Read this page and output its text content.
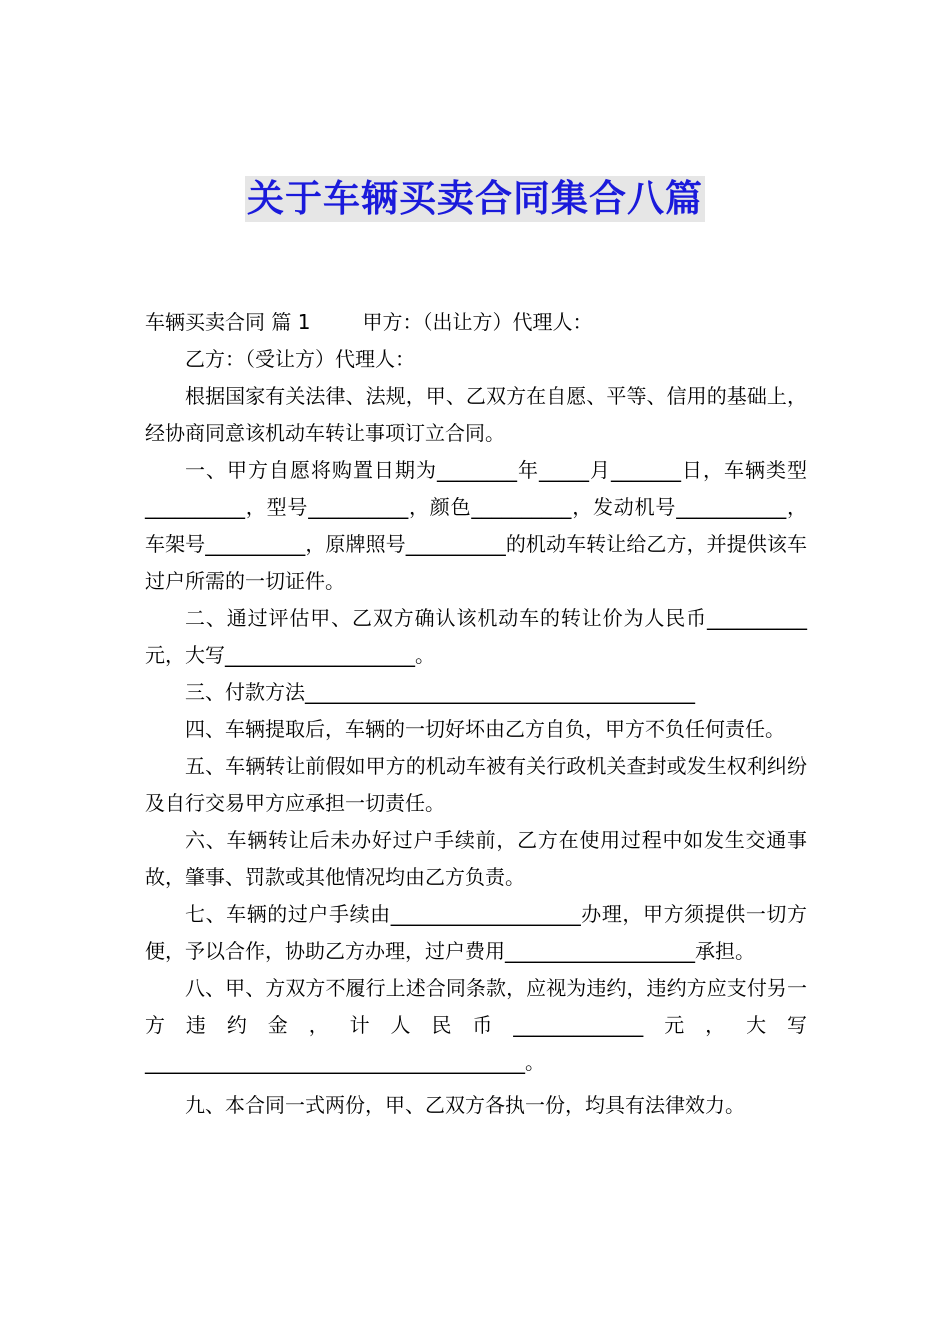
关于车辆买卖合同集合八篇

车辆买卖合同 篇 1	甲方：（出让方）代理人：

乙方：（受让方）代理人：

根据国家有关法律、法规，甲、乙双方在自愿、平等、信用的基础上，经协商同意该机动车转让事项订立合同。

一、甲方自愿将购置日期为________年_____月_______日，车辆类型__________，型号__________，颜色__________，发动机号___________，车架号__________，原牌照号__________的机动车转让给乙方，并提供该车过户所需的一切证件。

二、通过评估甲、乙双方确认该机动车的转让价为人民币__________元，大写___________________。

三、付款方法_______________________________________

四、车辆提取后，车辆的一切好坏由乙方自负，甲方不负任何责任。

五、车辆转让前假如甲方的机动车被有关行政机关查封或发生权利纠纷及自行交易甲方应承担一切责任。

六、车辆转让后未办好过户手续前，乙方在使用过程中如发生交通事故，肇事、罚款或其他情况均由乙方负责。

七、车辆的过户手续由___________________办理，甲方须提供一切方便，予以合作，协助乙方办理，过户费用___________________承担。

八、甲、方双方不履行上述合同条款，应视为违约，违约方应支付另一方违约金，计人民币_____________元，大写______________________________________。

九、本合同一式两份，甲、乙双方各执一份，均具有法律效力。
